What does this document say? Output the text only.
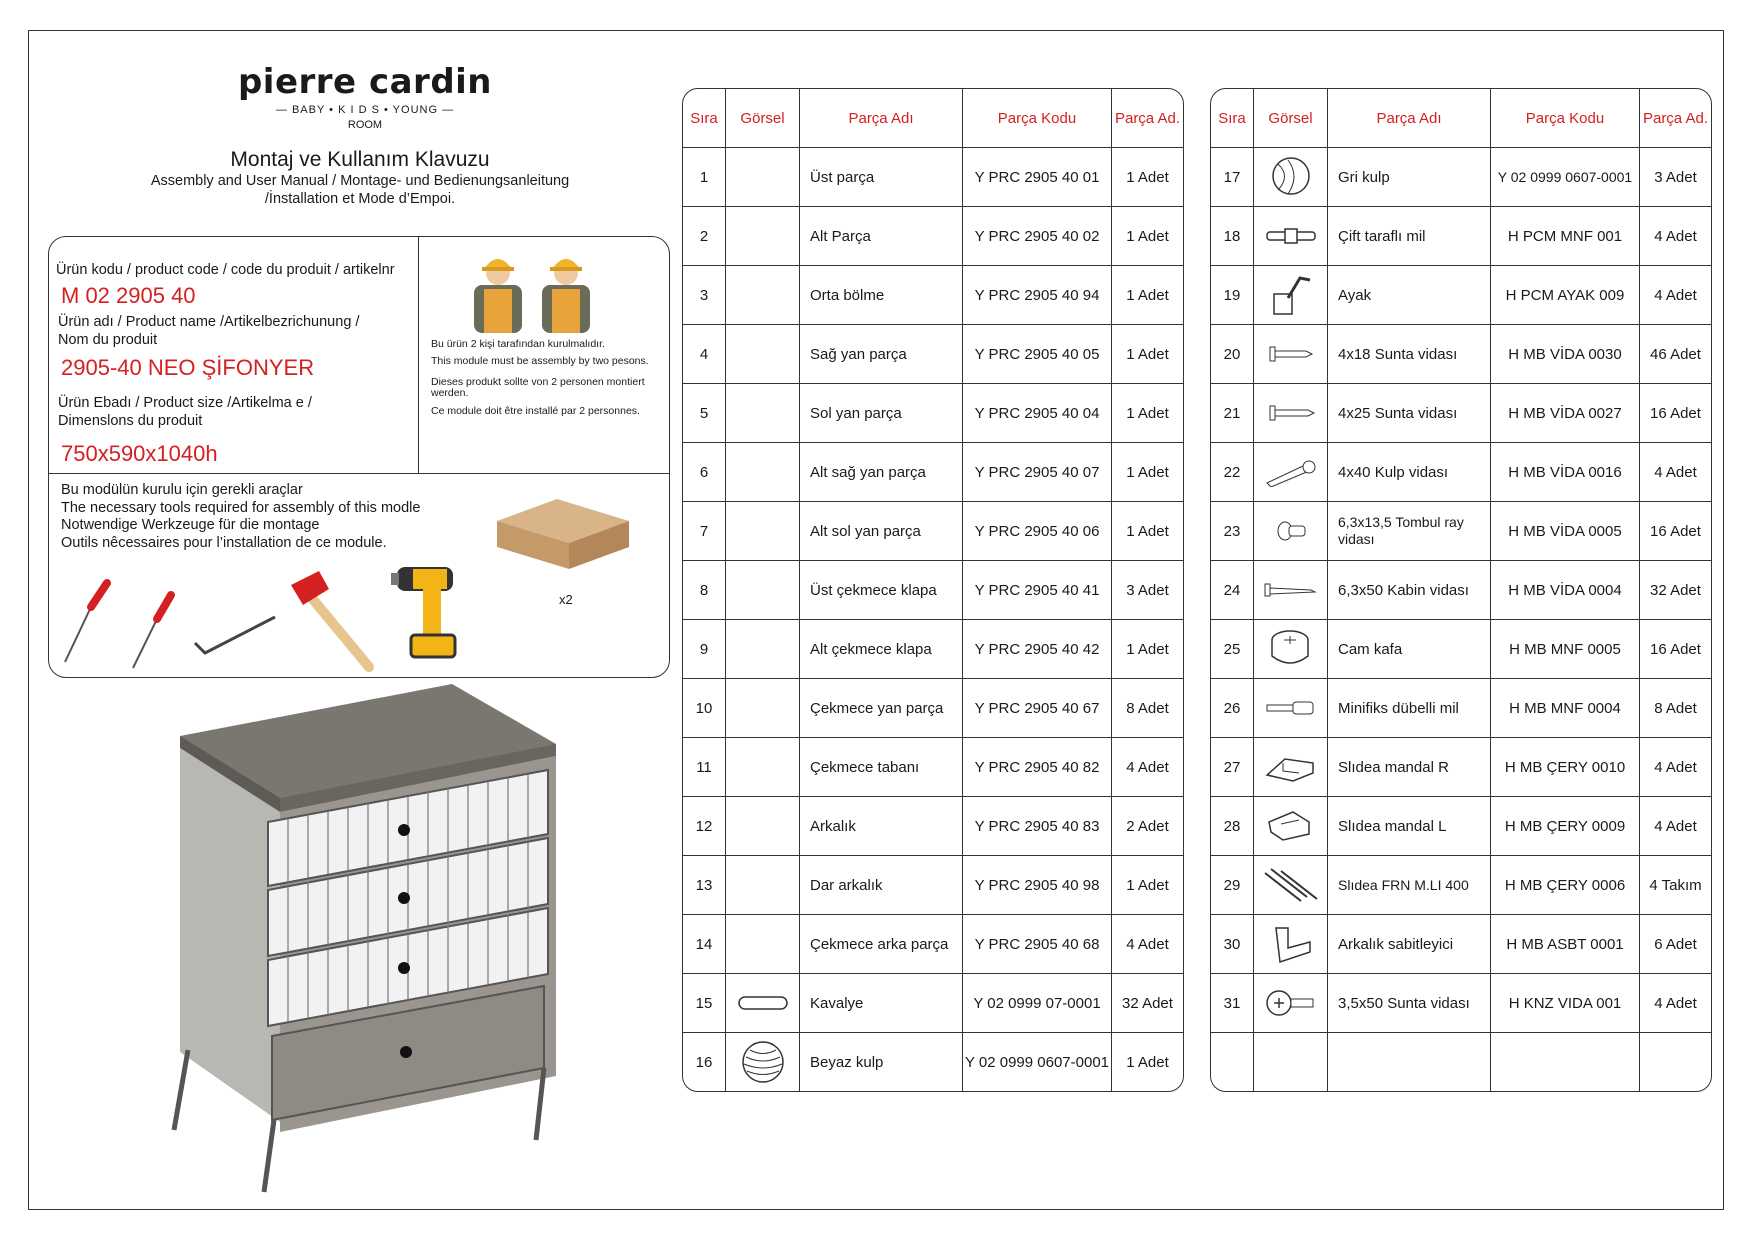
pierre cardin
— BABY • K I D S • YOUNG —
ROOM
Montaj ve Kullanım Klavuzu
Assembly and User Manual / Montage- und Bedienungsanleitung
/İnstallation et Mode d’Empoi.
Ürün kodu / product code / code du produit / artikelnr
M 02 2905 40
Ürün adı / Product name /Artikelbezrichunung /
Nom du produit
2905-40 NEO ŞİFONYER
Ürün Ebadı / Product size /Artikelma e /
Dimenslons du produit
750x590x1040h
Bu ürün 2 kişi tarafından kurulmalıdır.
This module must be assembly by two pesons.
Dieses produkt sollte von 2 personen montiert werden.
Ce module doit être installé par 2 personnes.
Bu modülün kurulu için gerekli araçlar
The necessary tools required for assembly of this modle
Notwendige Werkzeuge für die montage
Outils nêcessaires pour l’installation de ce module.
x2
Sıra	Görsel	Parça Adı	Parça Kodu	Parça Ad.
1		Üst parça	Y PRC 2905 40 01	1 Adet
2		Alt Parça	Y PRC 2905 40 02	1 Adet
3		Orta bölme	Y PRC 2905 40 94	1 Adet
4		Sağ yan parça	Y PRC 2905 40 05	1 Adet
5		Sol yan parça	Y PRC 2905 40 04	1 Adet
6		Alt sağ yan parça	Y PRC 2905 40 07	1 Adet
7		Alt sol yan parça	Y PRC 2905 40 06	1 Adet
8		Üst çekmece klapa	Y PRC 2905 40 41	3 Adet
9		Alt çekmece klapa	Y PRC 2905 40 42	1 Adet
10		Çekmece yan parça	Y PRC 2905 40 67	8 Adet
11		Çekmece tabanı	Y PRC 2905 40 82	4 Adet
12		Arkalık	Y PRC 2905 40 83	2 Adet
13		Dar arkalık	Y PRC 2905 40 98	1 Adet
14		Çekmece arka parça	Y PRC 2905 40 68	4 Adet
15		Kavalye	Y 02 0999 07-0001	32 Adet
16		Beyaz kulp	Y 02 0999 0607-0001	1 Adet
Sıra	Görsel	Parça Adı	Parça Kodu	Parça Ad.
17		Gri kulp	Y 02 0999 0607-0001	3 Adet
18		Çift taraflı mil	H PCM MNF 001	4 Adet
19		Ayak	H PCM AYAK 009	4 Adet
20		4x18 Sunta vidası	H MB VİDA 0030	46 Adet
21		4x25 Sunta vidası	H MB VİDA 0027	16 Adet
22		4x40 Kulp vidası	H MB VİDA 0016	4 Adet
23		6,3x13,5 Tombul ray vidası	H MB VİDA 0005	16 Adet
24		6,3x50 Kabin vidası	H MB VİDA 0004	32 Adet
25		Cam kafa	H MB MNF 0005	16 Adet
26		Minifiks dübelli mil	H MB MNF 0004	8 Adet
27		Slıdea mandal R	H MB ÇERY 0010	4 Adet
28		Slıdea mandal L	H MB ÇERY 0009	4 Adet
29		Slıdea FRN M.LI 400	H MB ÇERY 0006	4 Takım
30		Arkalık sabitleyici	H MB ASBT 0001	6 Adet
31		3,5x50 Sunta vidası	H KNZ VIDA 001	4 Adet
